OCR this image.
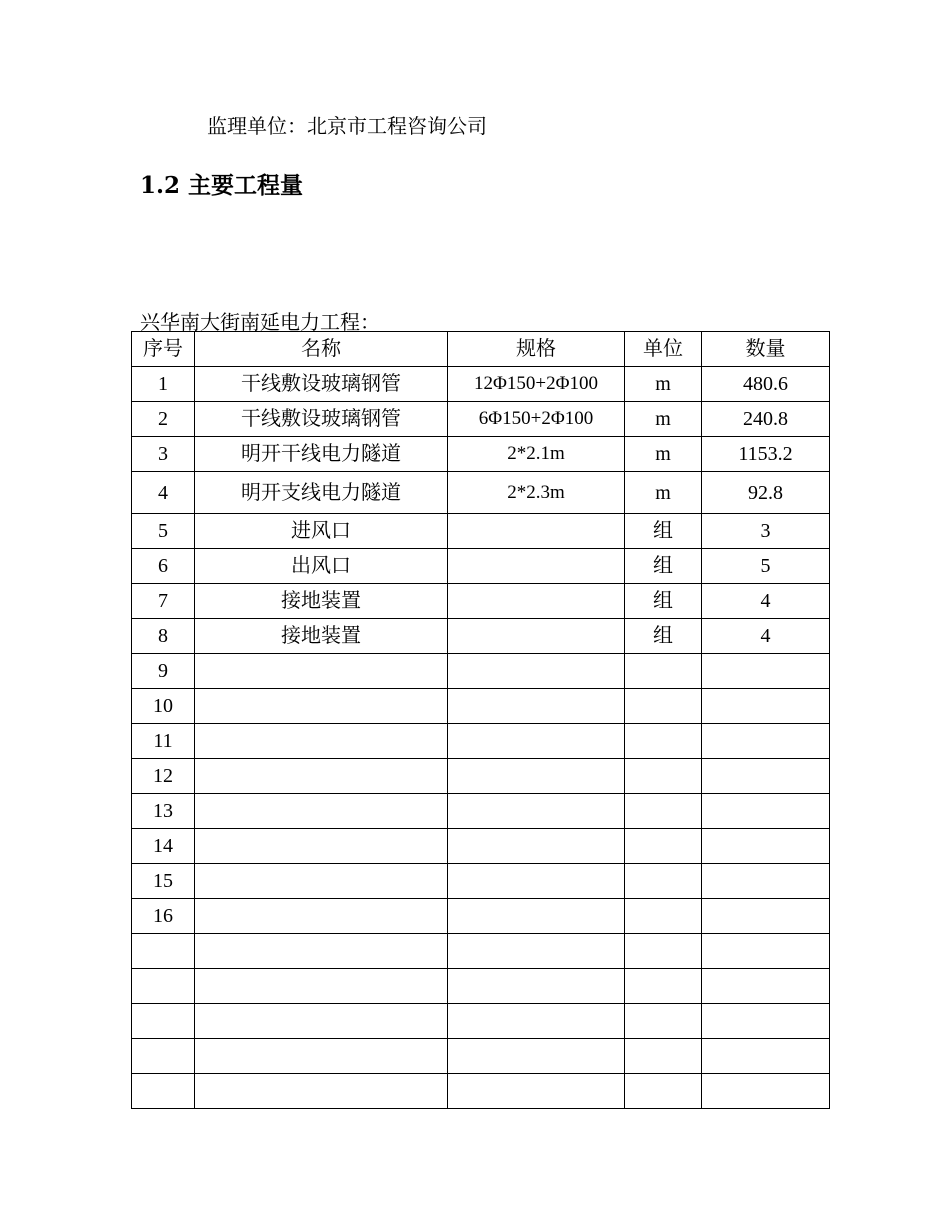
监理单位：北京市工程咨询公司
1.2 主要工程量
兴华南大街南延电力工程：
序号	名称	规格	单位	数量
1	干线敷设玻璃钢管	12Φ150+2Φ100	m	480.6
2	干线敷设玻璃钢管	6Φ150+2Φ100	m	240.8
3	明开干线电力隧道	2*2.1m	m	1153.2
4	明开支线电力隧道	2*2.3m	m	92.8
5	进风口		组	3
6	出风口		组	5
7	接地装置		组	4
8	接地装置		组	4
9				
10				
11				
12				
13				
14				
15				
16				
